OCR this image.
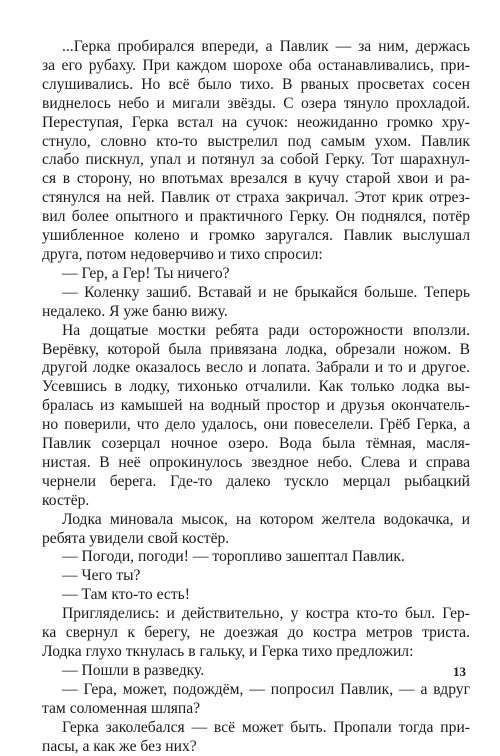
...Герка пробирался впереди, а Павлик — за ним, держась
за его рубаху. При каждом шорохе оба останавливались, при-
слушивались. Но всё было тихо. В рваных просветах сосен
виднелось небо и мигали звёзды. С озера тянуло прохладой.
Переступая, Герка встал на сучок: неожиданно громко хру-
стнуло, словно кто-то выстрелил под самым ухом. Павлик
слабо пискнул, упал и потянул за собой Герку. Тот шарахнул-
ся в сторону, но впотьмах врезался в кучу старой хвои и ра-
стянулся на ней. Павлик от страха закричал. Этот крик отрез-
вил более опытного и практичного Герку. Он поднялся, потёр
ушибленное колено и громко заругался. Павлик выслушал
друга, потом недоверчиво и тихо спросил:

— Гер, а Гер! Ты ничего?

— Коленку зашиб. Вставай и не брыкайся больше. Теперь
недалеко. Я уже баню вижу.

На дощатые мостки ребята ради осторожности вползли.
Верёвку, которой была привязана лодка, обрезали ножом. В
другой лодке оказалось весло и лопата. Забрали и то и другое.
Усевшись в лодку, тихонько отчалили. Как только лодка вы-
бралась из камышей на водный простор и друзья окончатель-
но поверили, что дело удалось, они повеселели. Грёб Герка, а
Павлик созерцал ночное озеро. Вода была тёмная, масля-
нистая. В неё опрокинулось звездное небо. Слева и справа
чернели берега. Где-то далеко тускло мерцал рыбацкий
костёр.

Лодка миновала мысок, на котором желтела водокачка, и
ребята увидели свой костёр.

— Погоди, погоди! — торопливо зашептал Павлик.

— Чего ты?

— Там кто-то есть!

Пригляделись: и действительно, у костра кто-то был. Гер-
ка свернул к берегу, не доезжая до костра метров триста.
Лодка глухо ткнулась в гальку, и Герка тихо предложил:

— Пошли в разведку.

— Гера, может, подождём, — попросил Павлик, — а вдруг
там соломенная шляпа?

Герка заколебался — всё может быть. Пропали тогда при-
пасы, а как же без них?

13
